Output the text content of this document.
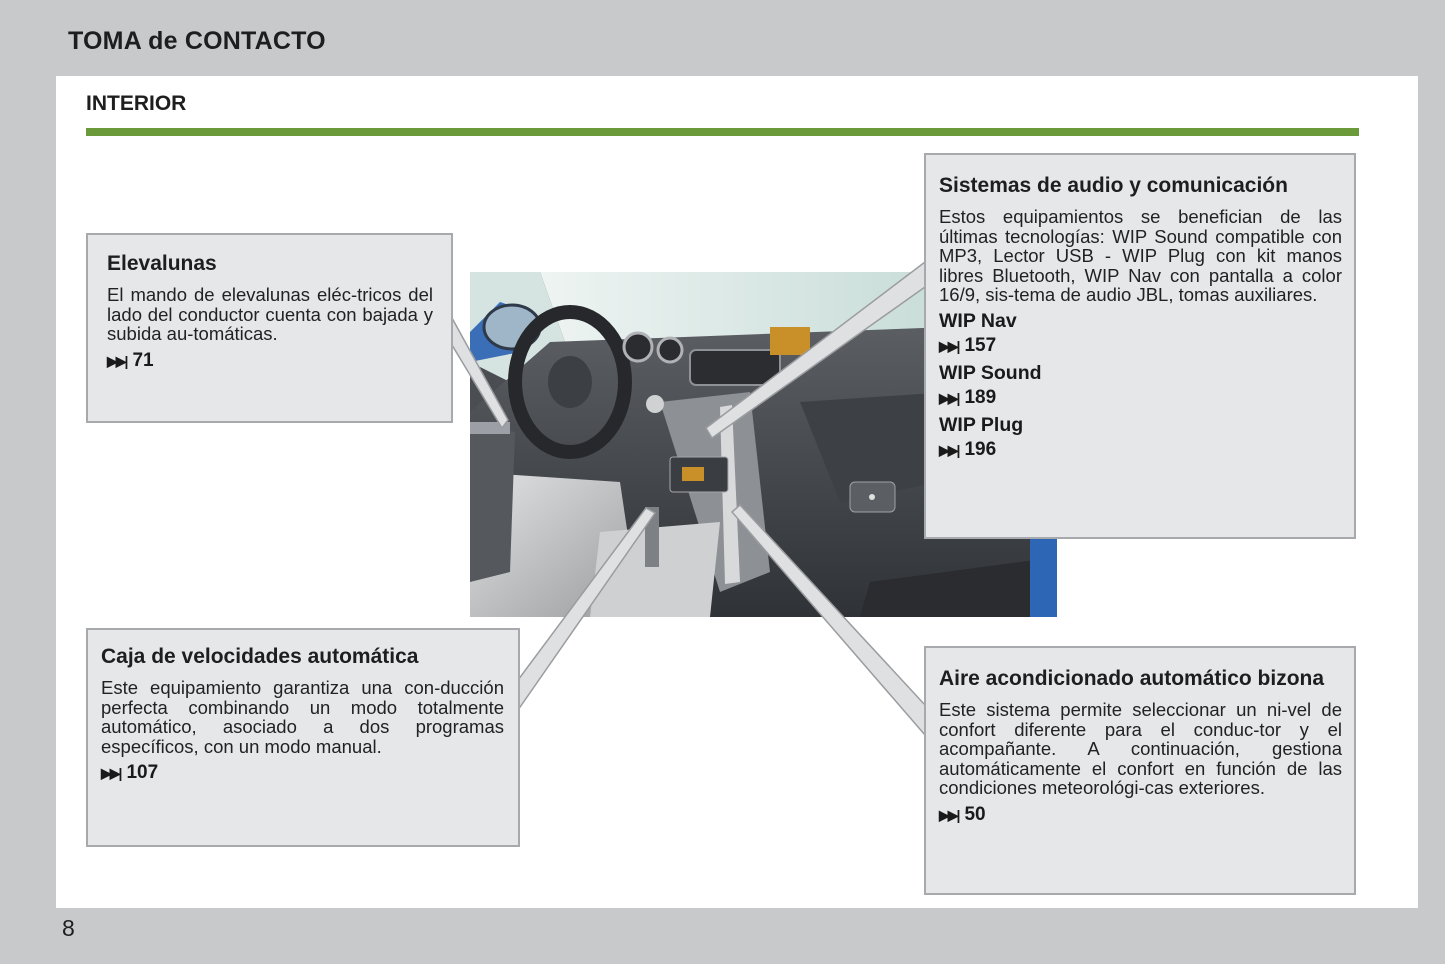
TOMA de CONTACTO
INTERIOR
Elevalunas

El mando de elevalunas eléc-tricos del lado del conductor cuenta con bajada y subida au-tomáticas.

▶▶| 71
Sistemas de audio y comunicación

Estos equipamientos se benefician de las últimas tecnologías: WIP Sound compatible con MP3, Lector USB - WIP Plug con kit manos libres Bluetooth, WIP Nav con pantalla a color 16/9, sis-tema de audio JBL, tomas auxiliares.

WIP Nav
▶▶| 157
WIP Sound
▶▶| 189
WIP Plug
▶▶| 196
Caja de velocidades automática

Este equipamiento garantiza una con-ducción perfecta combinando un modo totalmente automático, asociado a dos programas específicos, con un modo manual.

▶▶| 107
Aire acondicionado automático bizona

Este sistema permite seleccionar un ni-vel de confort diferente para el conduc-tor y el acompañante. A continuación, gestiona automáticamente el confort en función de las condiciones meteorológi-cas exteriores.

▶▶| 50
8
